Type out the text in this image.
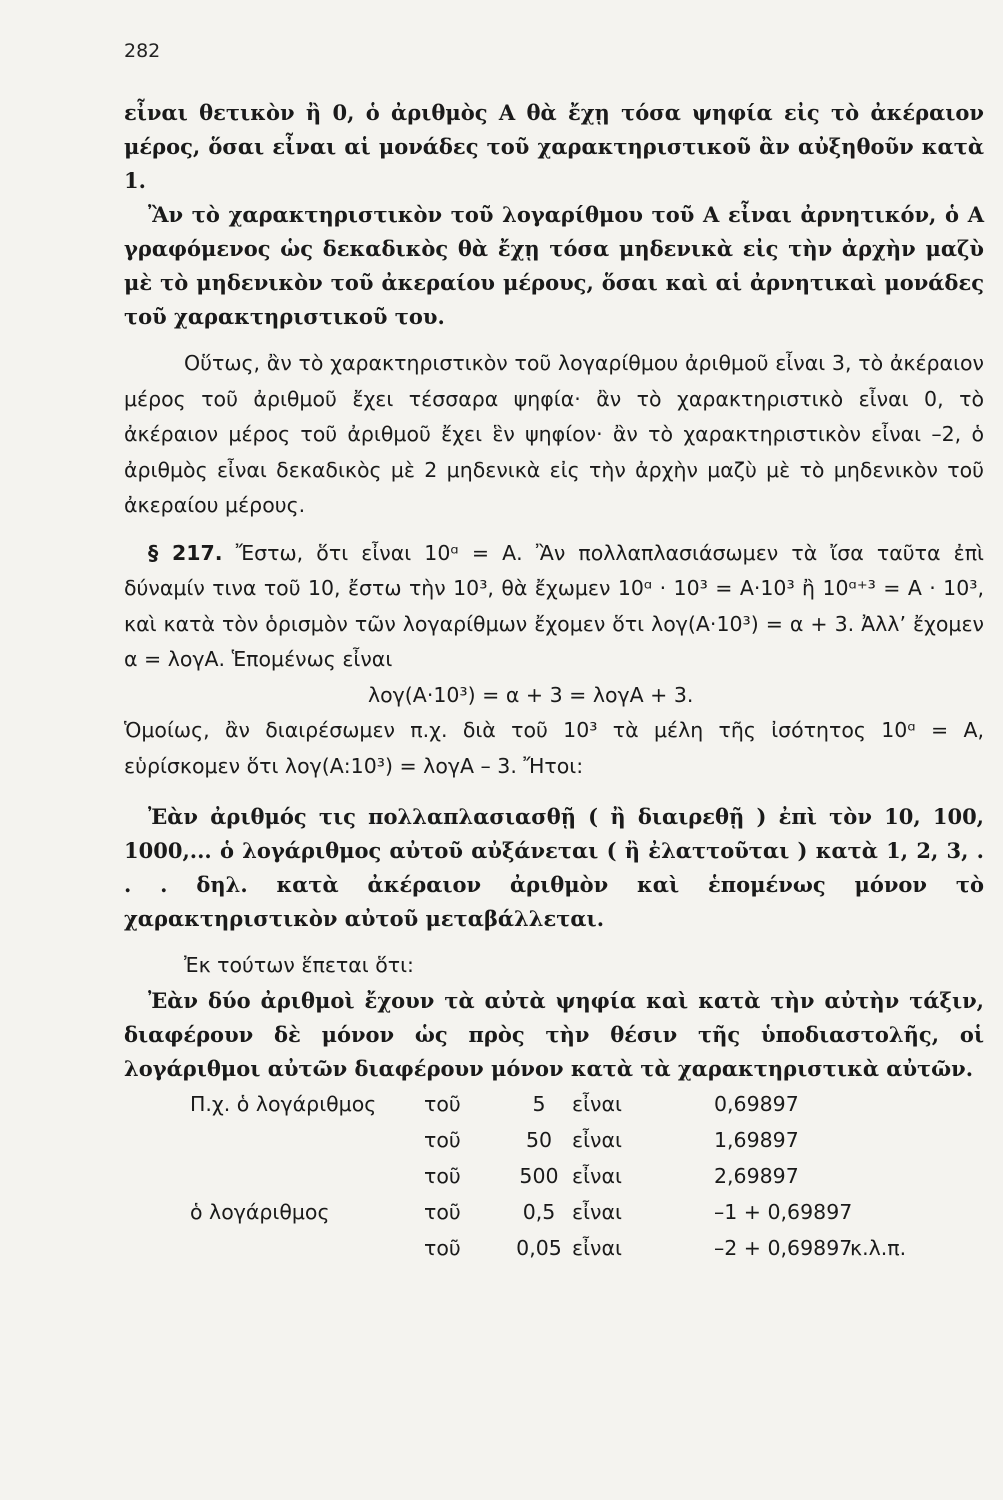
282

εἶναι θετικὸν ἢ 0, ὁ ἀριθμὸς Α θὰ ἔχῃ τόσα ψηφία εἰς τὸ ἀκέραιον μέρος, ὅσαι εἶναι αἱ μονάδες τοῦ χαρακτηριστικοῦ ἂν αὐξηθοῦν κατὰ 1.

Ἂν τὸ χαρακτηριστικὸν τοῦ λογαρίθμου τοῦ Α εἶναι ἀρνητικόν, ὁ Α γραφόμενος ὡς δεκαδικὸς θὰ ἔχῃ τόσα μηδενικὰ εἰς τὴν ἀρχὴν μαζὺ μὲ τὸ μηδενικὸν τοῦ ἀκεραίου μέρους, ὅσαι καὶ αἱ ἀρνητικαὶ μονάδες τοῦ χαρακτηριστικοῦ του.

Οὕτως, ἂν τὸ χαρακτηριστικὸν τοῦ λογαρίθμου ἀριθμοῦ εἶναι 3, τὸ ἀκέραιον μέρος τοῦ ἀριθμοῦ ἔχει τέσσαρα ψηφία· ἂν τὸ χαρακτηριστικὸ εἶναι 0, τὸ ἀκέραιον μέρος τοῦ ἀριθμοῦ ἔχει ἓν ψηφίον· ἂν τὸ χαρακτηριστικὸν εἶναι –2, ὁ ἀριθμὸς εἶναι δεκαδικὸς μὲ 2 μηδενικὰ εἰς τὴν ἀρχὴν μαζὺ μὲ τὸ μηδενικὸν τοῦ ἀκεραίου μέρους.

§ 217. Ἔστω, ὅτι εἶναι 10ᵅ = Α. Ἂν πολλαπλασιάσωμεν τὰ ἴσα ταῦτα ἐπὶ δύναμίν τινα τοῦ 10, ἔστω τὴν 10³, θὰ ἔχωμεν 10ᵅ · 10³ = Α·10³ ἢ 10ᵅ⁺³ = Α · 10³, καὶ κατὰ τὸν ὁρισμὸν τῶν λογαρίθμων ἔχομεν ὅτι λογ(Α·10³) = α + 3. Ἀλλ’ ἔχομεν α = λογΑ. Ἑπομένως εἶναι

λογ(Α·10³) = α + 3 = λογΑ + 3.

Ὁμοίως, ἂν διαιρέσωμεν π.χ. διὰ τοῦ 10³ τὰ μέλη τῆς ἰσότητος 10ᵅ = Α, εὑρίσκομεν ὅτι λογ(Α:10³) = λογΑ – 3. Ἤτοι:

Ἐὰν ἀριθμός τις πολλαπλασιασθῇ ( ἢ διαιρεθῇ ) ἐπὶ τὸν 10, 100, 1000,... ὁ λογάριθμος αὐτοῦ αὐξάνεται ( ἢ ἐλαττοῦται ) κατὰ 1, 2, 3, . . . δηλ. κατὰ ἀκέραιον ἀριθμὸν καὶ ἑπομένως μόνον τὸ χαρακτηριστικὸν αὐτοῦ μεταβάλλεται.

Ἐκ τούτων ἕπεται ὅτι:

Ἐὰν δύο ἀριθμοὶ ἔχουν τὰ αὐτὰ ψηφία καὶ κατὰ τὴν αὐτὴν τάξιν, διαφέρουν δὲ μόνον ὡς πρὸς τὴν θέσιν τῆς ὑποδιαστολῆς, οἱ λογάριθμοι αὐτῶν διαφέρουν μόνον κατὰ τὰ χαρακτηριστικὰ αὐτῶν.

Π.χ. ὁ λογάριθμος τοῦ	5	εἶναι	0,69897
τοῦ	50 εἶναι	1,69897
τοῦ	500 εἶναι	2,69897
ὁ λογάριθμος	τοῦ	0,5 εἶναι	–1 + 0,69897
τοῦ	0,05 εἶναι	–2 + 0,69897
κ.λ.π.
